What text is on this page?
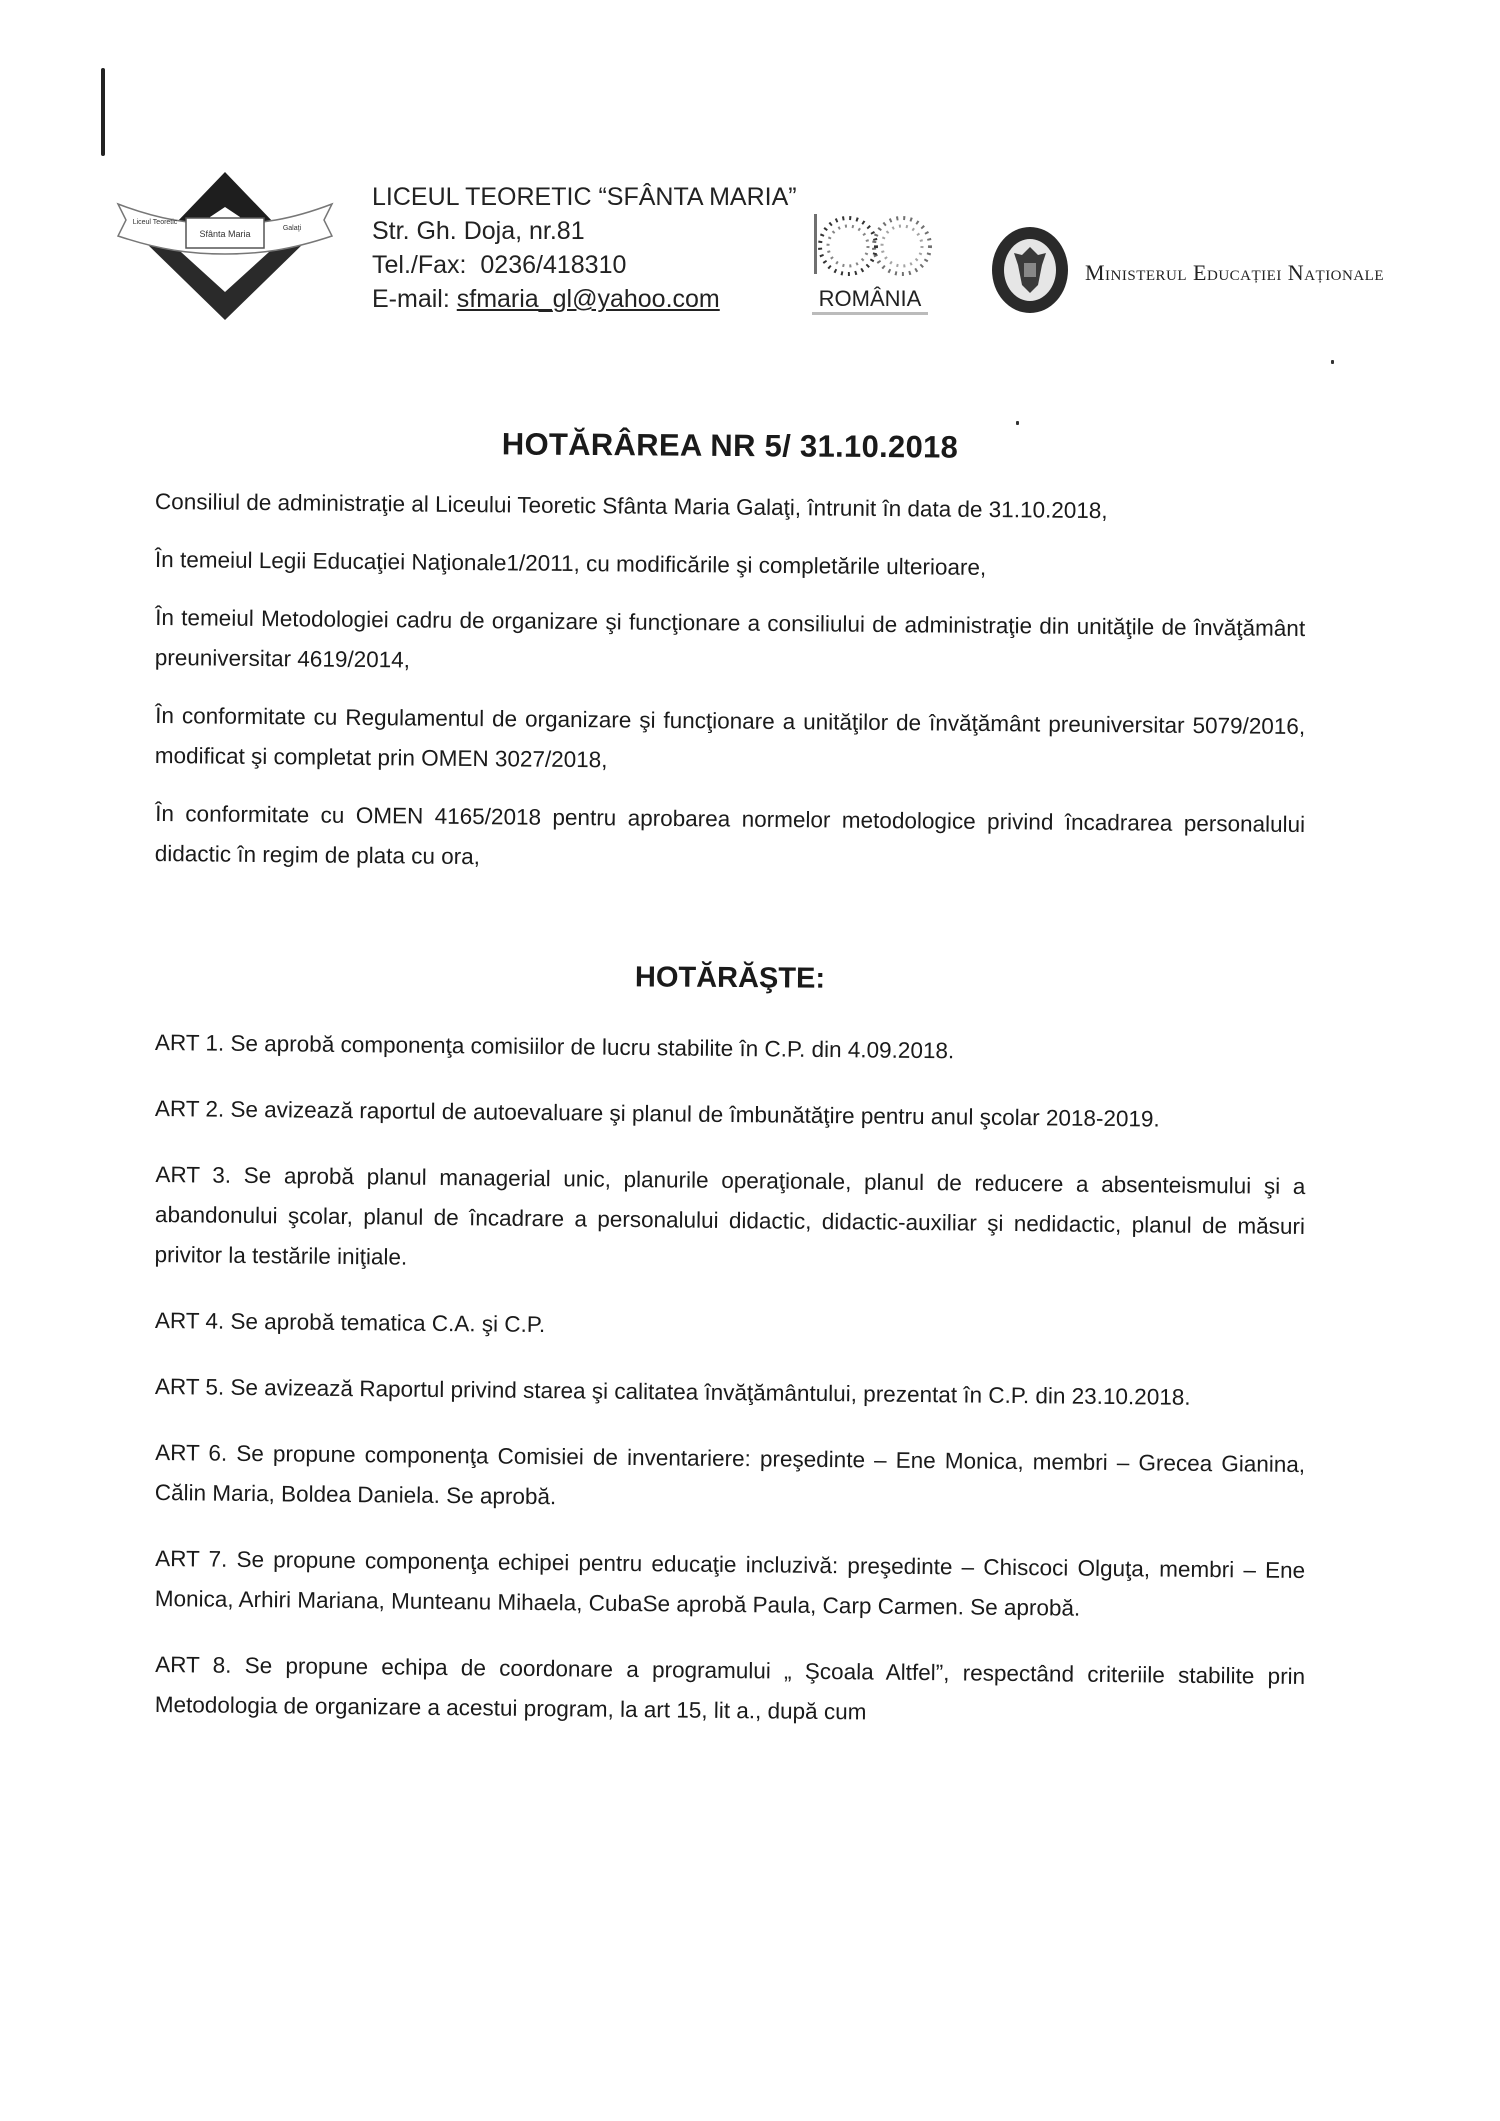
Sfânta Maria
Liceul Teoretic
Galaţi
LICEUL TEORETIC “SFÂNTA MARIA”
Str. Gh. Doja, nr.81
Tel./Fax: 0236/418310
E-mail: sfmaria_gl@yahoo.com	ROMÂNIA
Ministerul Educației Naționale
HOTĂRÂREA NR 5/ 31.10.2018

Consiliul de administraţie al Liceului Teoretic Sfânta Maria Galaţi, întrunit în data de 31.10.2018,

În temeiul Legii Educaţiei Naţionale1/2011, cu modificările şi completările ulterioare,

În temeiul Metodologiei cadru de organizare şi funcţionare a consiliului de administraţie din unităţile de învăţământ preuniversitar 4619/2014,

În conformitate cu Regulamentul de organizare şi funcţionare a unităţilor de învăţământ preuniversitar 5079/2016, modificat şi completat prin OMEN 3027/2018,

În conformitate cu OMEN 4165/2018 pentru aprobarea normelor metodologice privind încadrarea personalului didactic în regim de plata cu ora,

HOTĂRĂŞTE:

ART 1. Se aprobă componenţa comisiilor de lucru stabilite în C.P. din 4.09.2018.

ART 2. Se avizează raportul de autoevaluare şi planul de îmbunătăţire pentru anul şcolar 2018-2019.

ART 3. Se aprobă planul managerial unic, planurile operaţionale, planul de reducere a absenteismului şi a abandonului şcolar, planul de încadrare a personalului didactic, didactic-auxiliar şi nedidactic, planul de măsuri privitor la testările iniţiale.

ART 4. Se aprobă tematica C.A. şi C.P.

ART 5. Se avizează Raportul privind starea şi calitatea învăţământului, prezentat în C.P. din 23.10.2018.

ART 6. Se propune componenţa Comisiei de inventariere: preşedinte – Ene Monica, membri – Grecea Gianina, Călin Maria, Boldea Daniela. Se aprobă.

ART 7. Se propune componenţa echipei pentru educaţie incluzivă: preşedinte – Chiscoci Olguţa, membri – Ene Monica, Arhiri Mariana, Munteanu Mihaela, CubaSe aprobă Paula, Carp Carmen. Se aprobă.

ART 8. Se propune echipa de coordonare a programului „ Şcoala Altfel”, respectând criteriile stabilite prin Metodologia de organizare a acestui program, la art 15, lit a., după cum
